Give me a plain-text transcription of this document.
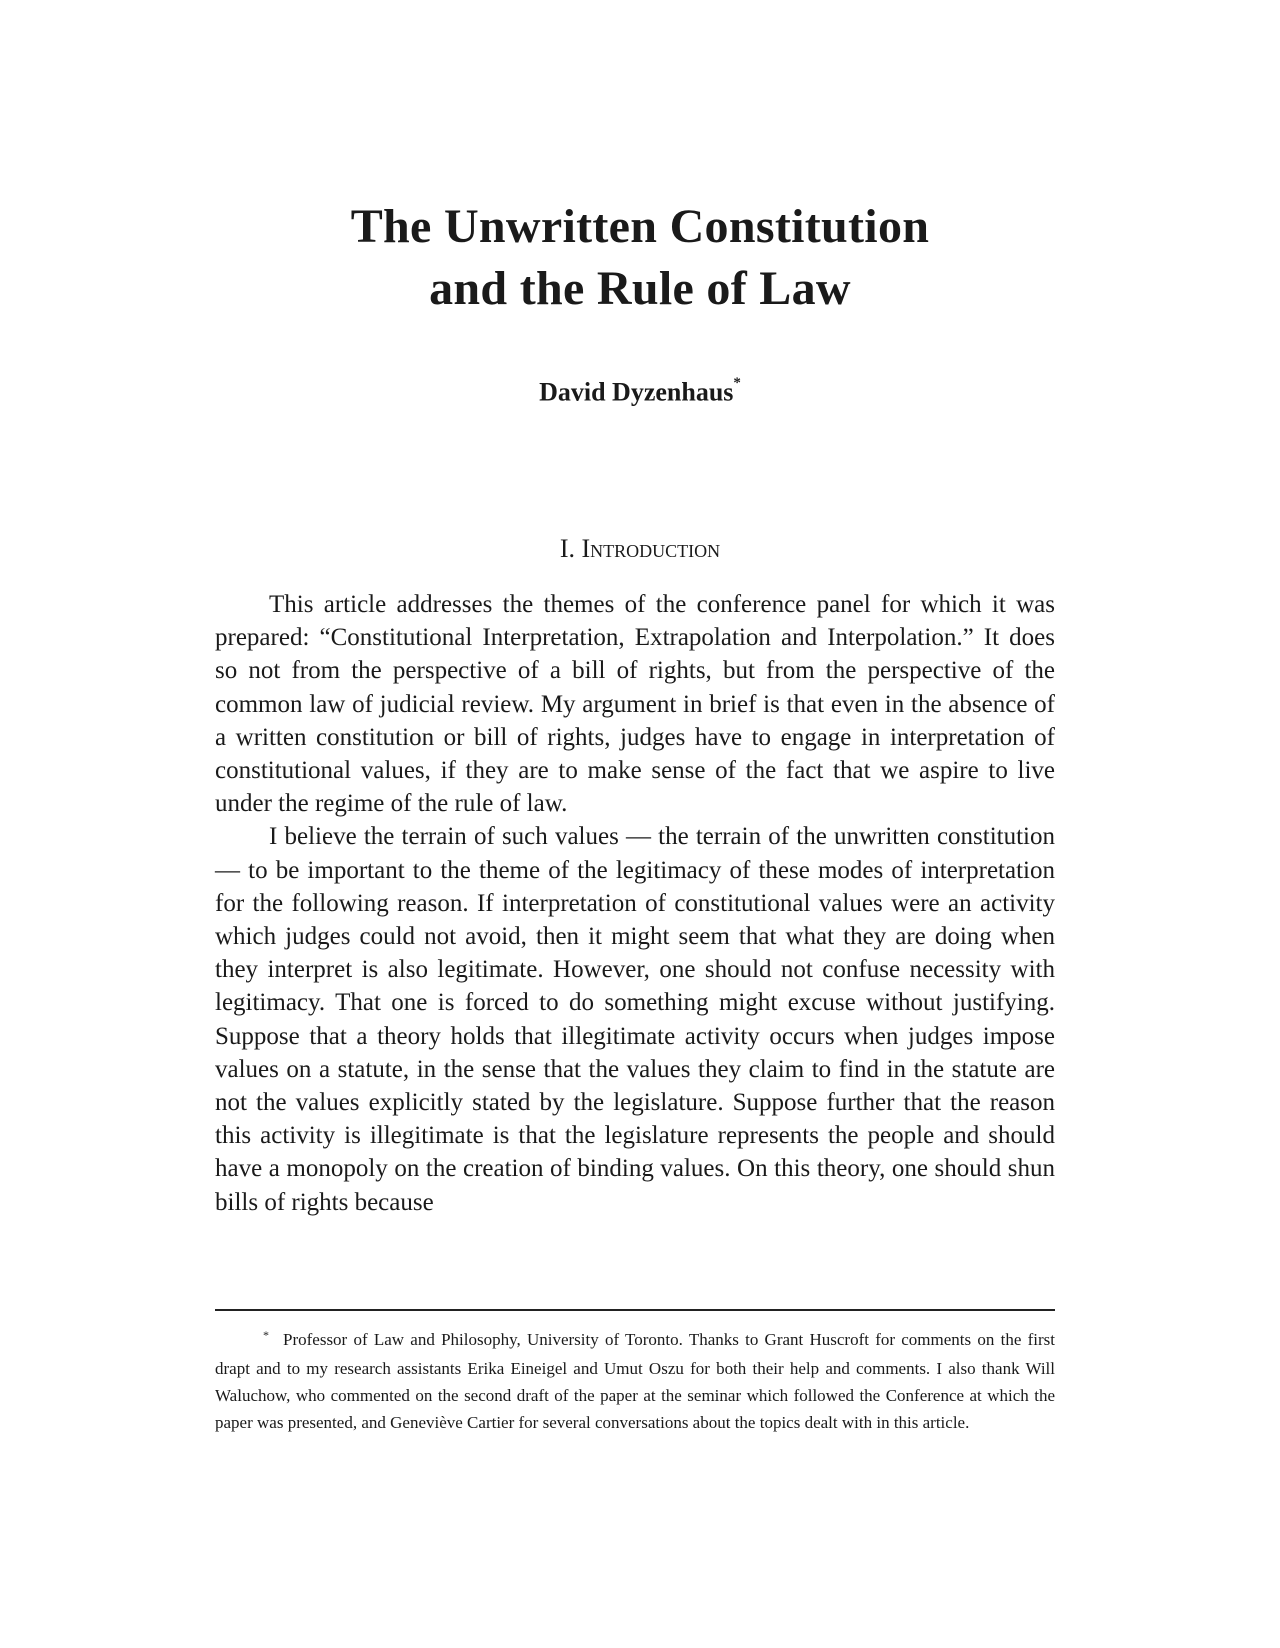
The Unwritten Constitution
and the Rule of Law
David Dyzenhaus*
I. Introduction

This article addresses the themes of the conference panel for which it was prepared: “Constitutional Interpretation, Extrapolation and Interpolation.” It does so not from the perspective of a bill of rights, but from the perspective of the common law of judicial review. My argument in brief is that even in the absence of a written constitution or bill of rights, judges have to engage in interpretation of constitutional values, if they are to make sense of the fact that we aspire to live under the regime of the rule of law.

I believe the terrain of such values — the terrain of the unwritten constitution — to be important to the theme of the legitimacy of these modes of interpretation for the following reason. If interpretation of constitutional values were an activity which judges could not avoid, then it might seem that what they are doing when they interpret is also legitimate. However, one should not confuse necessity with legitimacy. That one is forced to do something might excuse without justifying. Suppose that a theory holds that illegitimate activity occurs when judges impose values on a statute, in the sense that the values they claim to find in the statute are not the values explicitly stated by the legislature. Suppose further that the reason this activity is illegitimate is that the legislature represents the people and should have a monopoly on the creation of binding values. On this theory, one should shun bills of rights because

* Professor of Law and Philosophy, University of Toronto. Thanks to Grant Huscroft for comments on the first drapt and to my research assistants Erika Eineigel and Umut Oszu for both their help and comments. I also thank Will Waluchow, who commented on the second draft of the paper at the seminar which followed the Conference at which the paper was presented, and Geneviève Cartier for several conversations about the topics dealt with in this article.
